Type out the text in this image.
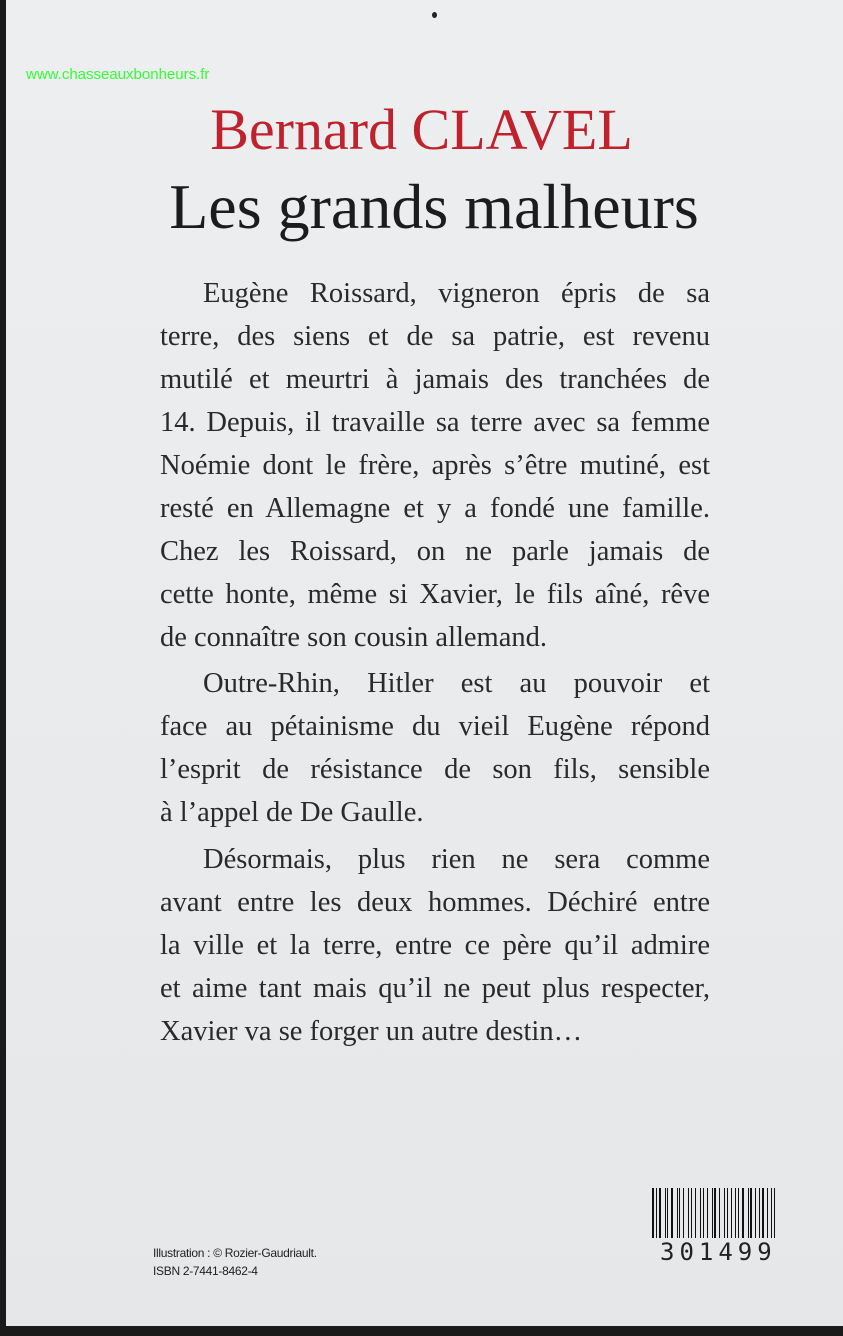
www.chasseauxbonheurs.fr
Bernard CLAVEL
Les grands malheurs
Eugène Roissard, vigneron épris de sa
terre, des siens et de sa patrie, est revenu
mutilé et meurtri à jamais des tranchées de
14. Depuis, il travaille sa terre avec sa femme
Noémie dont le frère, après s’être mutiné, est
resté en Allemagne et y a fondé une famille.
Chez les Roissard, on ne parle jamais de
cette honte, même si Xavier, le fils aîné, rêve
de connaître son cousin allemand.
Outre-Rhin, Hitler est au pouvoir et
face au pétainisme du vieil Eugène répond
l’esprit de résistance de son fils, sensible
à l’appel de De Gaulle.
Désormais, plus rien ne sera comme
avant entre les deux hommes. Déchiré entre
la ville et la terre, entre ce père qu’il admire
et aime tant mais qu’il ne peut plus respecter,
Xavier va se forger un autre destin…
Illustration : © Rozier-Gaudriault.
ISBN 2-7441-8462-4
301499
